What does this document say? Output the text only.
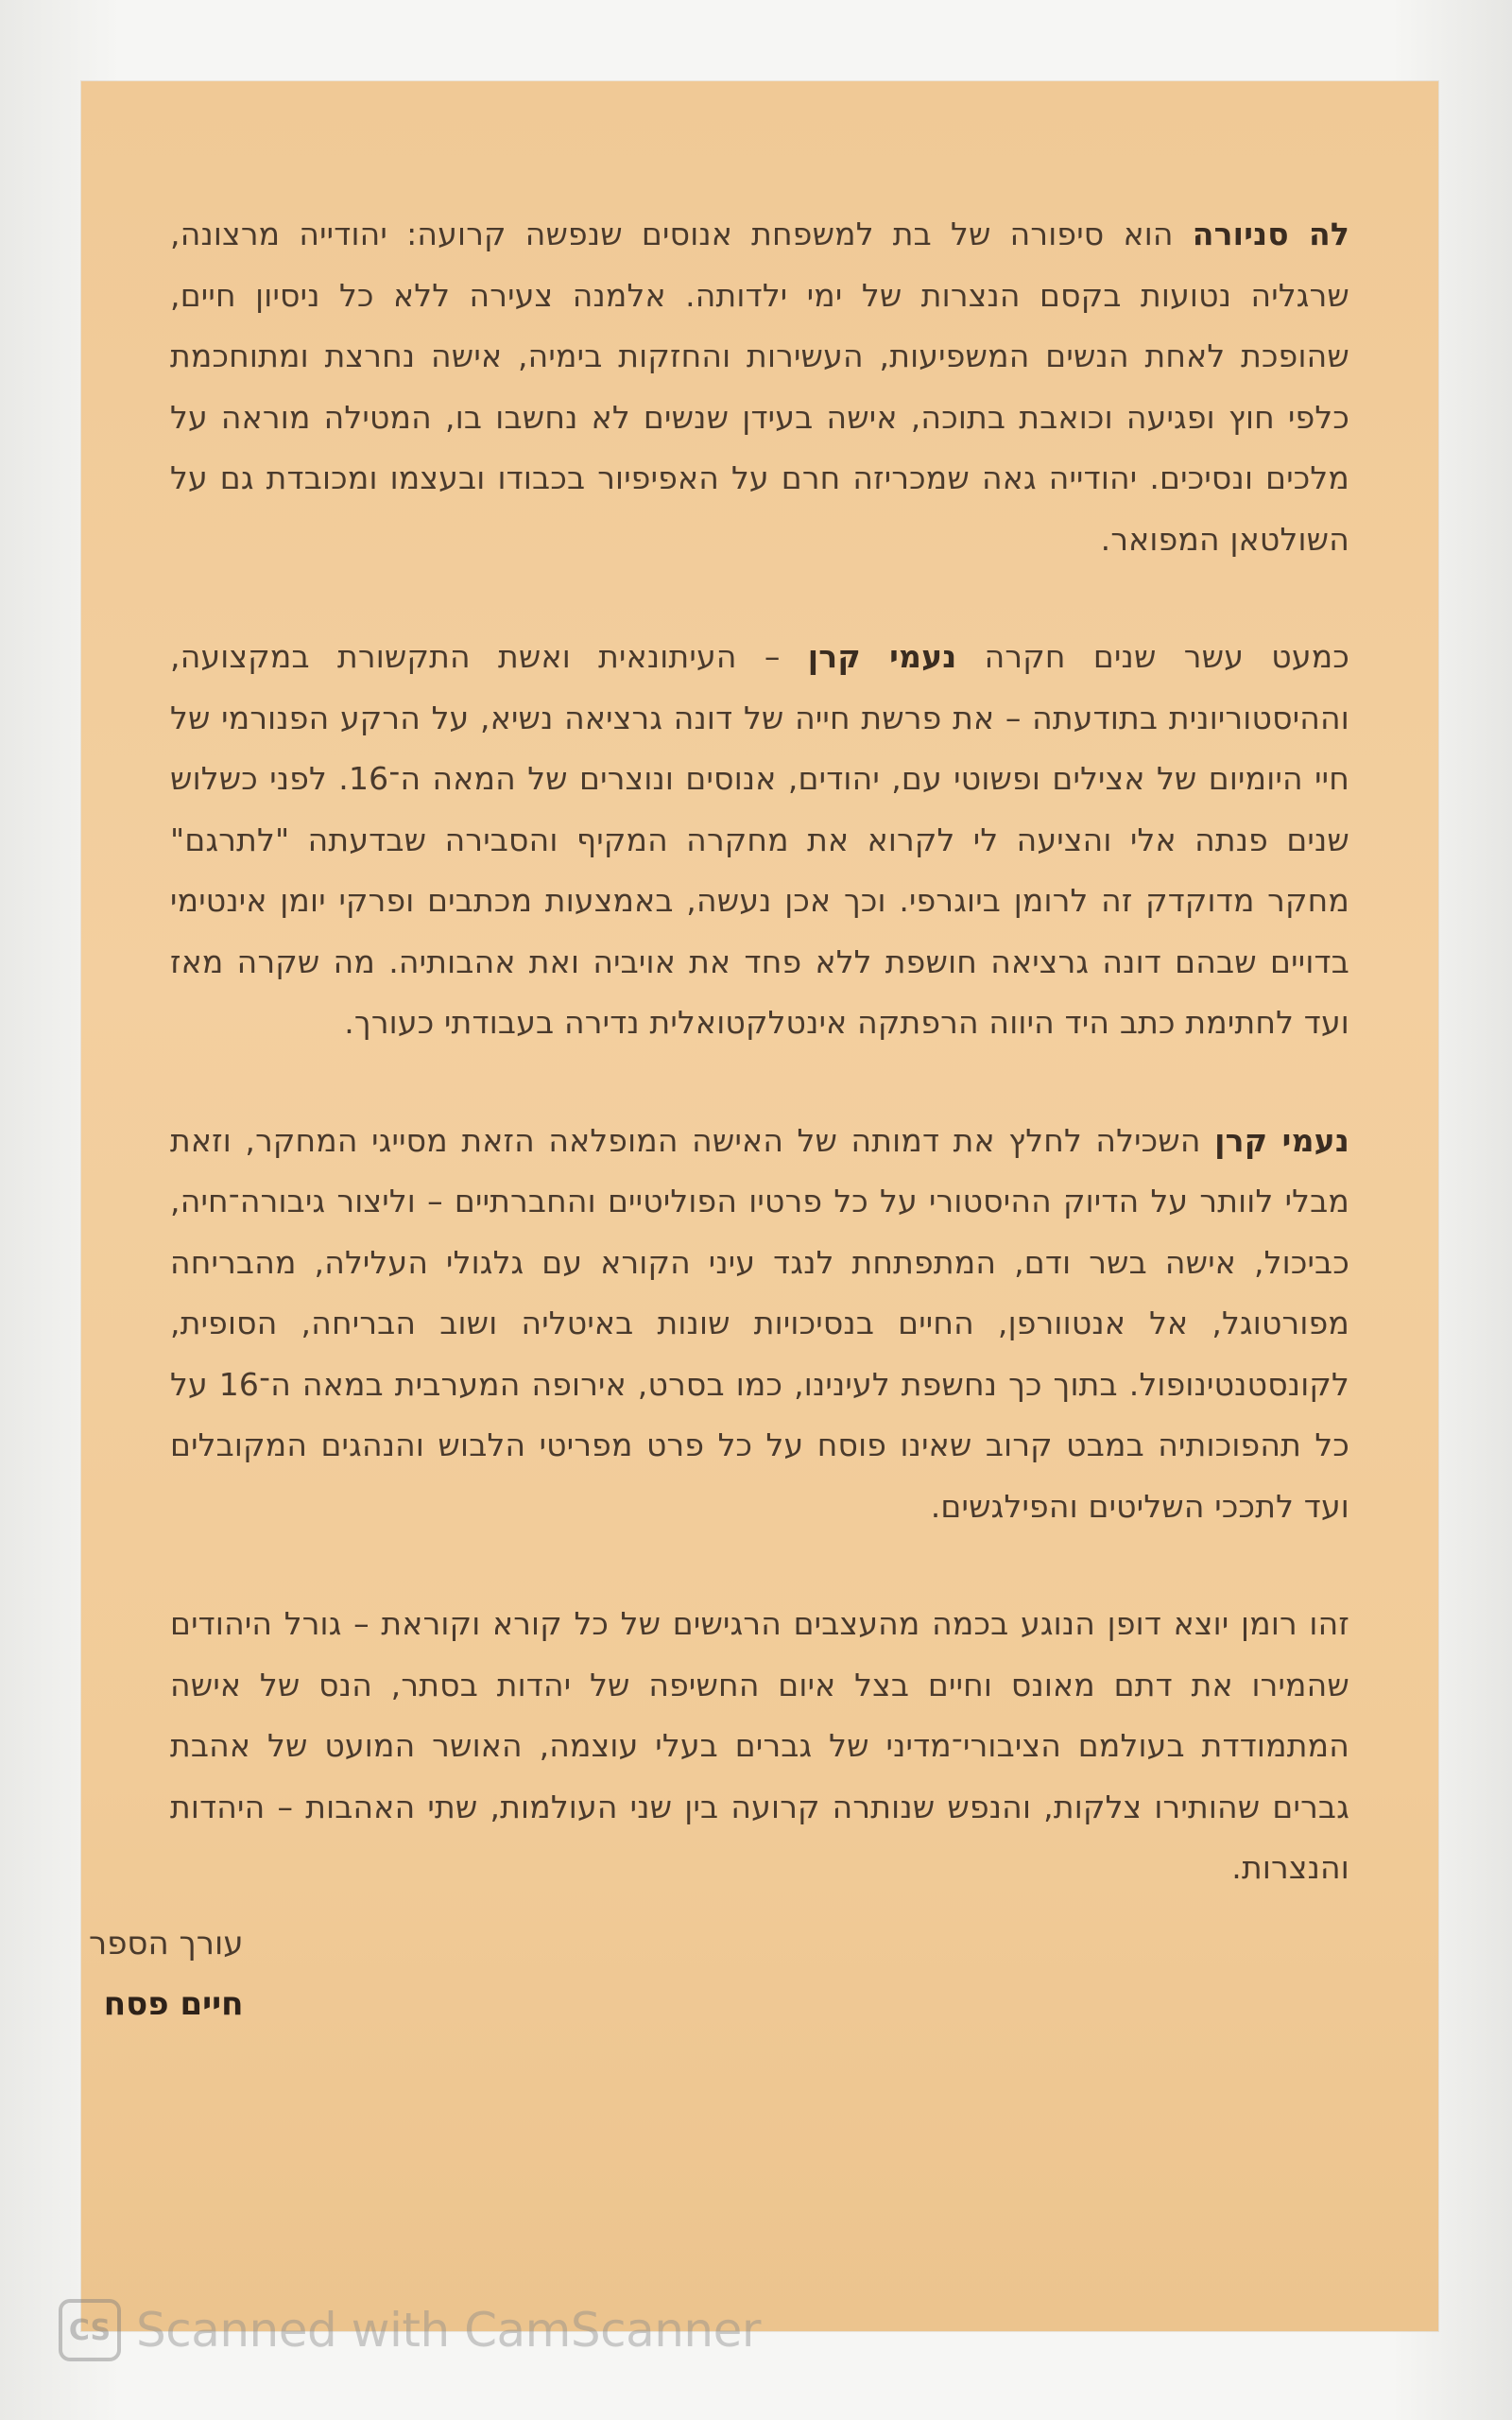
לה סניורה הוא סיפורה של בת למשפחת אנוסים שנפשה קרועה: יהודייה מרצונה, שרגליה נטועות בקסם הנצרות של ימי ילדותה. אלמנה צעירה ללא כל ניסיון חיים, שהופכת לאחת הנשים המשפיעות, העשירות והחזקות בימיה, אישה נחרצת ומתוחכמת כלפי חוץ ופגיעה וכואבת בתוכה, אישה בעידן שנשים לא נחשבו בו, המטילה מוראה על מלכים ונסיכים. יהודייה גאה שמכריזה חרם על האפיפיור בכבודו ובעצמו ומכובדת גם על השולטאן המפואר.

כמעט עשר שנים חקרה נעמי קרן – העיתונאית ואשת התקשורת במקצועה, וההיסטוריונית בתודעתה – את פרשת חייה של דונה גרציאה נשיא, על הרקע הפנורמי של חיי היומיום של אצילים ופשוטי עם, יהודים, אנוסים ונוצרים של המאה ה־16. לפני כשלוש שנים פנתה אלי והציעה לי לקרוא את מחקרה המקיף והסבירה שבדעתה "לתרגם" מחקר מדוקדק זה לרומן ביוגרפי. וכך אכן נעשה, באמצעות מכתבים ופרקי יומן אינטימי בדויים שבהם דונה גרציאה חושפת ללא פחד את אויביה ואת אהבותיה. מה שקרה מאז ועד לחתימת כתב היד היווה הרפתקה אינטלקטואלית נדירה בעבודתי כעורך.

נעמי קרן השכילה לחלץ את דמותה של האישה המופלאה הזאת מסייגי המחקר, וזאת מבלי לוותר על הדיוק ההיסטורי על כל פרטיו הפוליטיים והחברתיים – וליצור גיבורה־חיה, כביכול, אישה בשר ודם, המתפתחת לנגד עיני הקורא עם גלגולי העלילה, מהבריחה מפורטוגל, אל אנטוורפן, החיים בנסיכויות שונות באיטליה ושוב הבריחה, הסופית, לקונסטנטינופול. בתוך כך נחשפת לעינינו, כמו בסרט, אירופה המערבית במאה ה־16 על כל תהפוכותיה במבט קרוב שאינו פוסח על כל פרט מפריטי הלבוש והנהגים המקובלים ועד לתככי השליטים והפילגשים.

זהו רומן יוצא דופן הנוגע בכמה מהעצבים הרגישים של כל קורא וקוראת – גורל היהודים שהמירו את דתם מאונס וחיים בצל איום החשיפה של יהדות בסתר, הנס של אישה המתמודדת בעולמם הציבורי־מדיני של גברים בעלי עוצמה, האושר המועט של אהבת גברים שהותירו צלקות, והנפש שנותרה קרועה בין שני העולמות, שתי האהבות – היהדות והנצרות.

עורך הספר
חיים פסח
CS Scanned with CamScanner
